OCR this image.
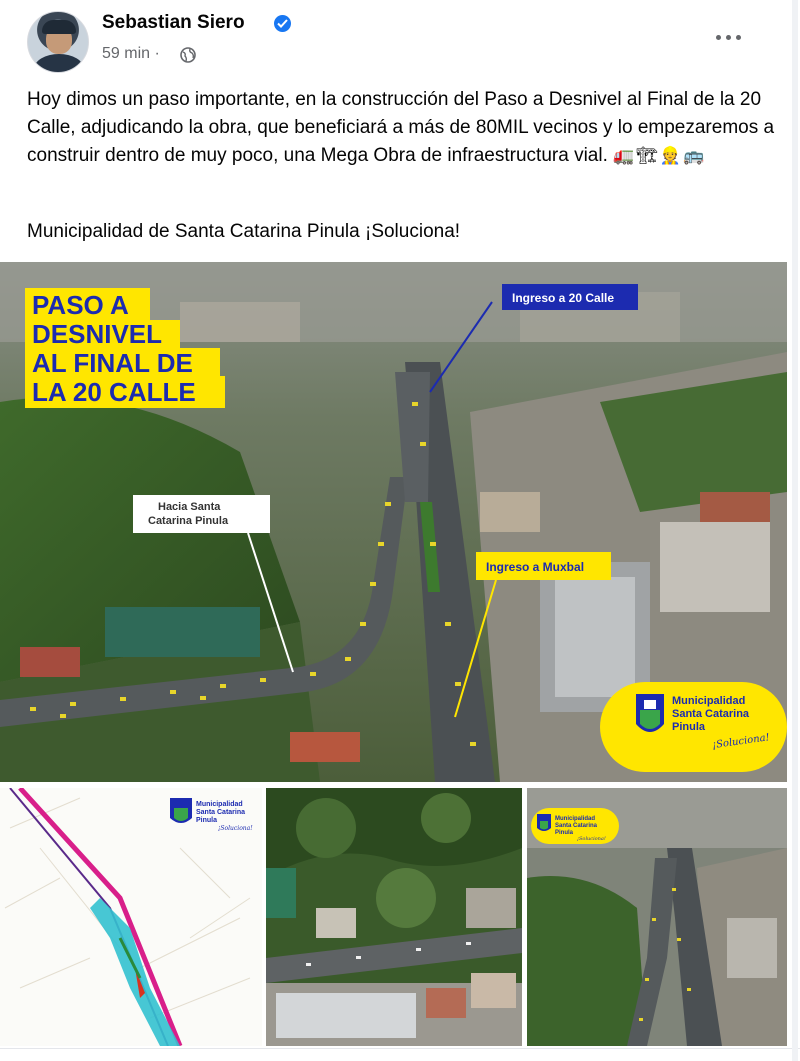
Sebastian Siero
59 min ·
Hoy dimos un paso importante, en la construcción del Paso a Desnivel al Final de la 20 Calle, adjudicando la obra, que beneficiará a más de 80MIL vecinos y lo empezaremos a construir dentro de muy poco, una Mega Obra de infraestructura vial. 🚛🏗👷🚌
Municipalidad de Santa Catarina Pinula ¡Soluciona!
PASO A
DESNIVEL
AL FINAL DE
LA 20 CALLE
Ingreso a 20 Calle
Hacia Santa
Catarina Pinula
Ingreso a Muxbal
Municipalidad
Santa Catarina
Pinula
¡Soluciona!
Municipalidad
Santa Catarina
Pinula
¡Soluciona!
Municipalidad
Santa Catarina
Pinula
¡Soluciona!
